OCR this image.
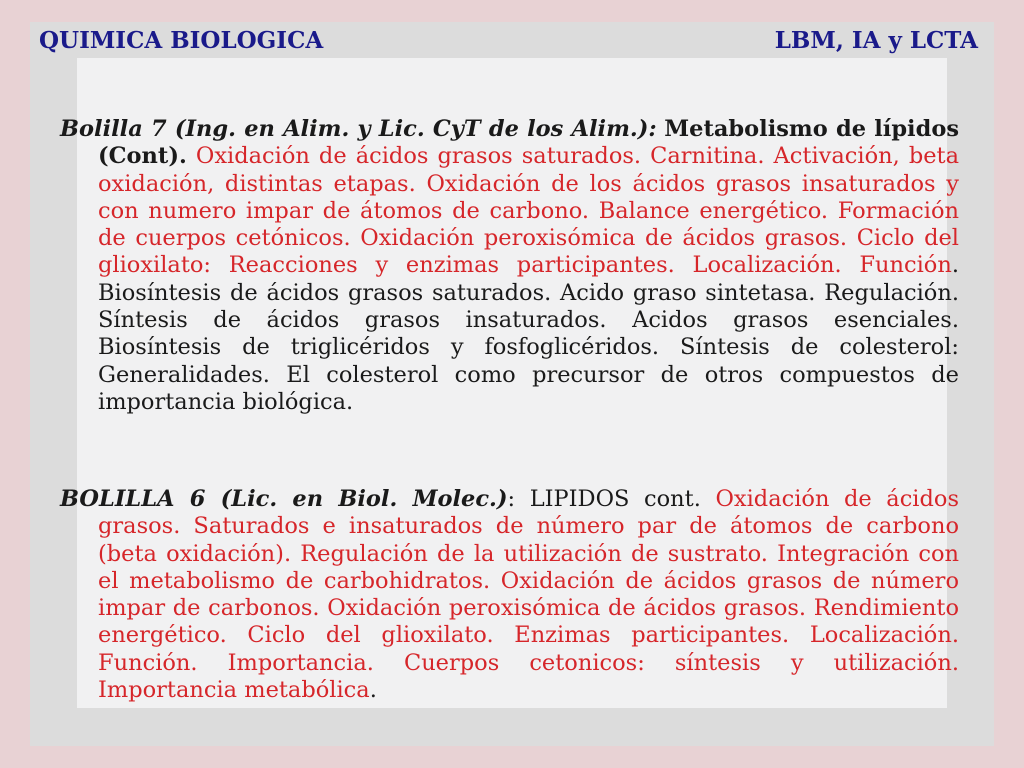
QUIMICA BIOLOGICA	LBM, IA y LCTA

Bolilla 7 (Ing. en Alim. y Lic. CyT de los Alim.): Metabolismo de lípidos (Cont). Oxidación de ácidos grasos saturados. Carnitina. Activación, beta oxidación, distintas etapas. Oxidación de los ácidos grasos insaturados y con numero impar de átomos de carbono. Balance energético. Formación de cuerpos cetónicos. Oxidación peroxisómica de ácidos grasos. Ciclo del glioxilato: Reacciones y enzimas participantes. Localización. Función. Biosíntesis de ácidos grasos saturados. Acido graso sintetasa. Regulación. Síntesis de ácidos grasos insaturados. Acidos grasos esenciales. Biosíntesis de triglicéridos y fosfoglicéridos. Síntesis de colesterol: Generalidades. El colesterol como precursor de otros compuestos de importancia biológica.

BOLILLA 6 (Lic. en Biol. Molec.): LIPIDOS cont. Oxidación de ácidos grasos. Saturados e insaturados de número par de átomos de carbono (beta oxidación). Regulación de la utilización de sustrato. Integración con el metabolismo de carbohidratos. Oxidación de ácidos grasos de número impar de carbonos. Oxidación peroxisómica de ácidos grasos. Rendimiento energético. Ciclo del glioxilato. Enzimas participantes. Localización. Función. Importancia. Cuerpos cetonicos: síntesis y utilización. Importancia metabólica.
